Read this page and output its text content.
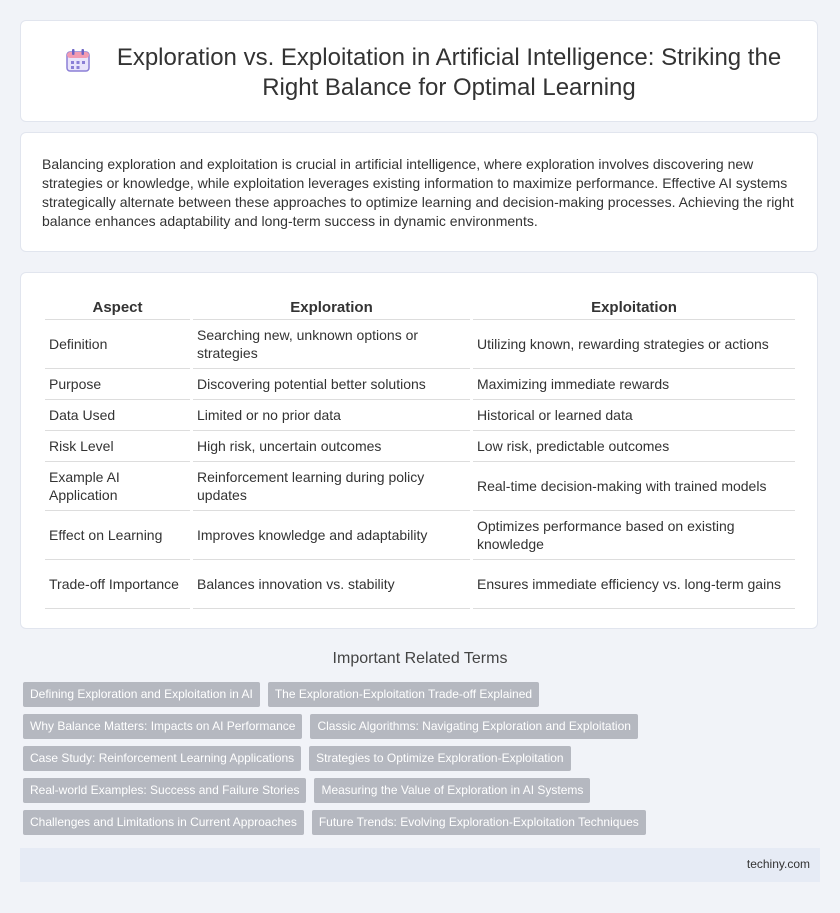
Exploration vs. Exploitation in Artificial Intelligence: Striking the Right Balance for Optimal Learning

Balancing exploration and exploitation is crucial in artificial intelligence, where exploration involves discovering new strategies or knowledge, while exploitation leverages existing information to maximize performance. Effective AI systems strategically alternate between these approaches to optimize learning and decision-making processes. Achieving the right balance enhances adaptability and long-term success in dynamic environments.

Aspect	Exploration	Exploitation
Definition	Searching new, unknown options or strategies	Utilizing known, rewarding strategies or actions
Purpose	Discovering potential better solutions	Maximizing immediate rewards
Data Used	Limited or no prior data	Historical or learned data
Risk Level	High risk, uncertain outcomes	Low risk, predictable outcomes
Example AI Application	Reinforcement learning during policy updates	Real-time decision-making with trained models
Effect on Learning	Improves knowledge and adaptability	Optimizes performance based on existing knowledge
Trade-off Importance	Balances innovation vs. stability	Ensures immediate efficiency vs. long-term gains
Important Related Terms
Defining Exploration and Exploitation in AI	The Exploration-Exploitation Trade-off Explained
Why Balance Matters: Impacts on AI Performance	Classic Algorithms: Navigating Exploration and Exploitation
Case Study: Reinforcement Learning Applications	Strategies to Optimize Exploration-Exploitation
Real-world Examples: Success and Failure Stories	Measuring the Value of Exploration in AI Systems
Challenges and Limitations in Current Approaches	Future Trends: Evolving Exploration-Exploitation Techniques
techiny.com
